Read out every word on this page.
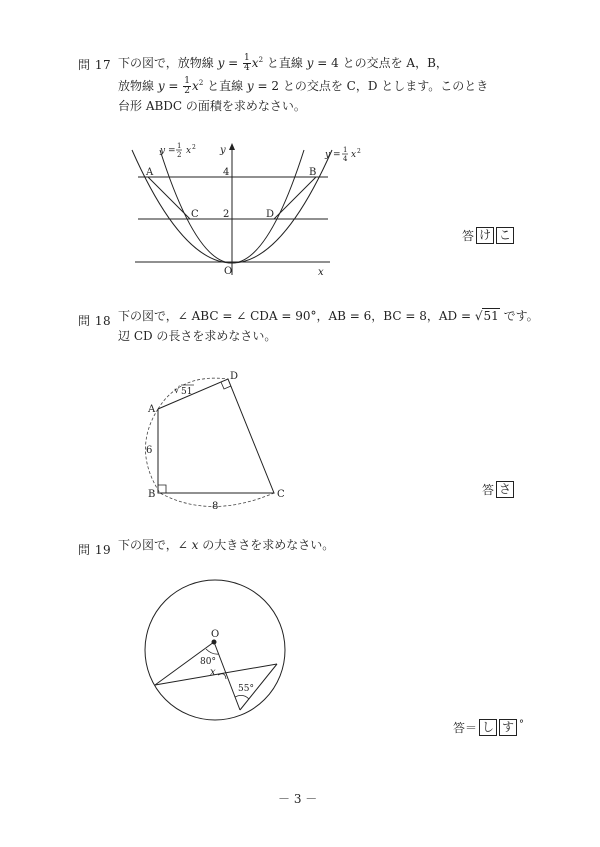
問 17 下の図で，放物線 $y = \frac{1}{4} x^2$ と直線 y = 4 との交点を A，B，
放物線 $y = \frac{1}{2} x^2$ と直線 y = 2 との交点を C，D とします。このとき
台形 ABDC の面積を求めなさい。
y = 1
2 x 2
y = 1
4 x 2
y
x
O
4
2
A	B
C	D
答 け こ
問 18 下の図で，∠ ABC = ∠ CDA = 90°，AB = 6，BC = 8，AD = √51 です。
辺 CD の長さを求めなさい。
A
B	C
D
6
8
√ 51
答 さ
問 19 下の図で，∠ x の大きさを求めなさい。
O
80°
x
55°
答＝ し す °
－ 3 －
